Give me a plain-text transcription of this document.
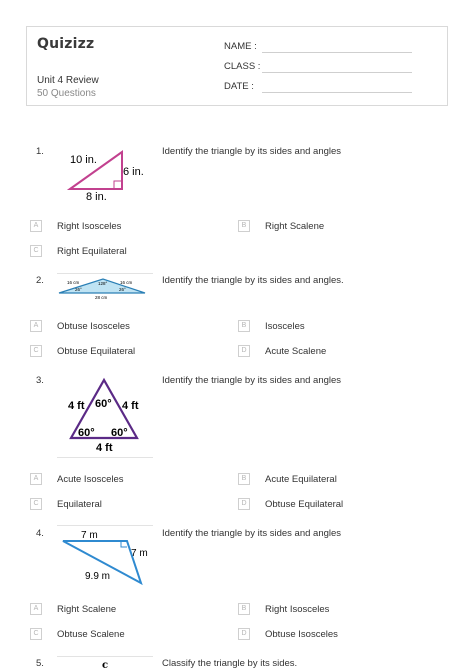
Quizizz
Unit 4 Review
50 Questions
NAME :
CLASS :
DATE :
1.	Identify the triangle by its sides and angles
10 in.
6 in.
8 in.
A	Right Isosceles	B	Right Scalene
C	Right Equilateral
2.	Identify the triangle by its sides and angles.
16 cm	128°	16 cm
26°	26°
28 cm
A	Obtuse Isosceles	B	Isosceles
C	Obtuse Equilateral	D	Acute Scalene
3.	Identify the triangle by its sides and angles
4 ft 60° 4 ft
60° 60°
4 ft
A	Acute Isosceles	B	Acute Equilateral
C	Equilateral	D	Obtuse Equilateral
4.	Identify the triangle by its sides and angles
7 m
7 m
9.9 m
A	Right Scalene	B	Right Isosceles
C	Obtuse Scalene	D	Obtuse Isosceles
5.	Classify the triangle by its sides.
c
